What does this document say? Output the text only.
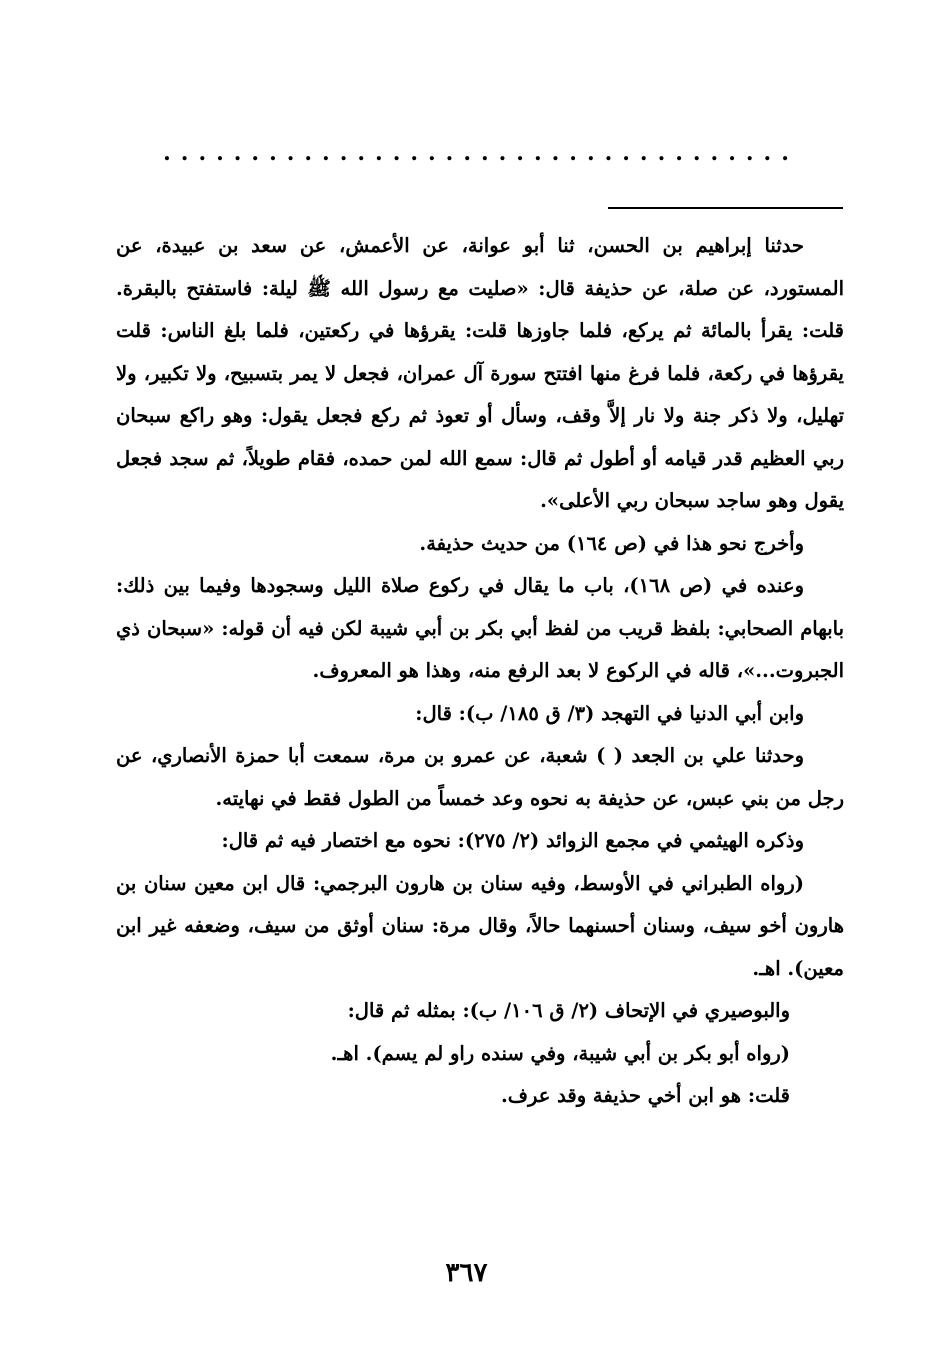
....................................

حدثنا إبراهيم بن الحسن، ثنا أبو عوانة، عن الأعمش، عن سعد بن عبيدة، عن المستورد، عن صلة، عن حذيفة قال: «صليت مع رسول الله ﷺ ليلة: فاستفتح بالبقرة. قلت: يقرأ بالمائة ثم يركع، فلما جاوزها قلت: يقرؤها في ركعتين، فلما بلغ الناس: قلت يقرؤها في ركعة، فلما فرغ منها افتتح سورة آل عمران، فجعل لا يمر بتسبيح، ولا تكبير، ولا تهليل، ولا ذكر جنة ولا نار إلاَّ وقف، وسأل أو تعوذ ثم ركع فجعل يقول: وهو راكع سبحان ربي العظيم قدر قيامه أو أطول ثم قال: سمع الله لمن حمده، فقام طويلاً، ثم سجد فجعل يقول وهو ساجد سبحان ربي الأعلى».

وأخرج نحو هذا في (ص ١٦٤) من حديث حذيفة.

وعنده في (ص ١٦٨)، باب ما يقال في ركوع صلاة الليل وسجودها وفيما بين ذلك: بابهام الصحابي: بلفظ قريب من لفظ أبي بكر بن أبي شيبة لكن فيه أن قوله: «سبحان ذي الجبروت...»، قاله في الركوع لا بعد الرفع منه، وهذا هو المعروف.

وابن أبي الدنيا في التهجد (٣/ ق ١٨٥/ ب): قال:

وحدثنا علي بن الجعد ( ) شعبة، عن عمرو بن مرة، سمعت أبا حمزة الأنصاري، عن رجل من بني عبس، عن حذيفة به نحوه وعد خمساً من الطول فقط في نهايته.

وذكره الهيثمي في مجمع الزوائد (٢/ ٢٧٥): نحوه مع اختصار فيه ثم قال:

(رواه الطبراني في الأوسط، وفيه سنان بن هارون البرجمي: قال ابن معين سنان بن هارون أخو سيف، وسنان أحسنهما حالاً، وقال مرة: سنان أوثق من سيف، وضعفه غير ابن معين). اهـ.

والبوصيري في الإتحاف (٢/ ق ١٠٦/ ب): بمثله ثم قال:

(رواه أبو بكر بن أبي شيبة، وفي سنده راو لم يسم). اهـ.

قلت: هو ابن أخي حذيفة وقد عرف.

٣٦٧
